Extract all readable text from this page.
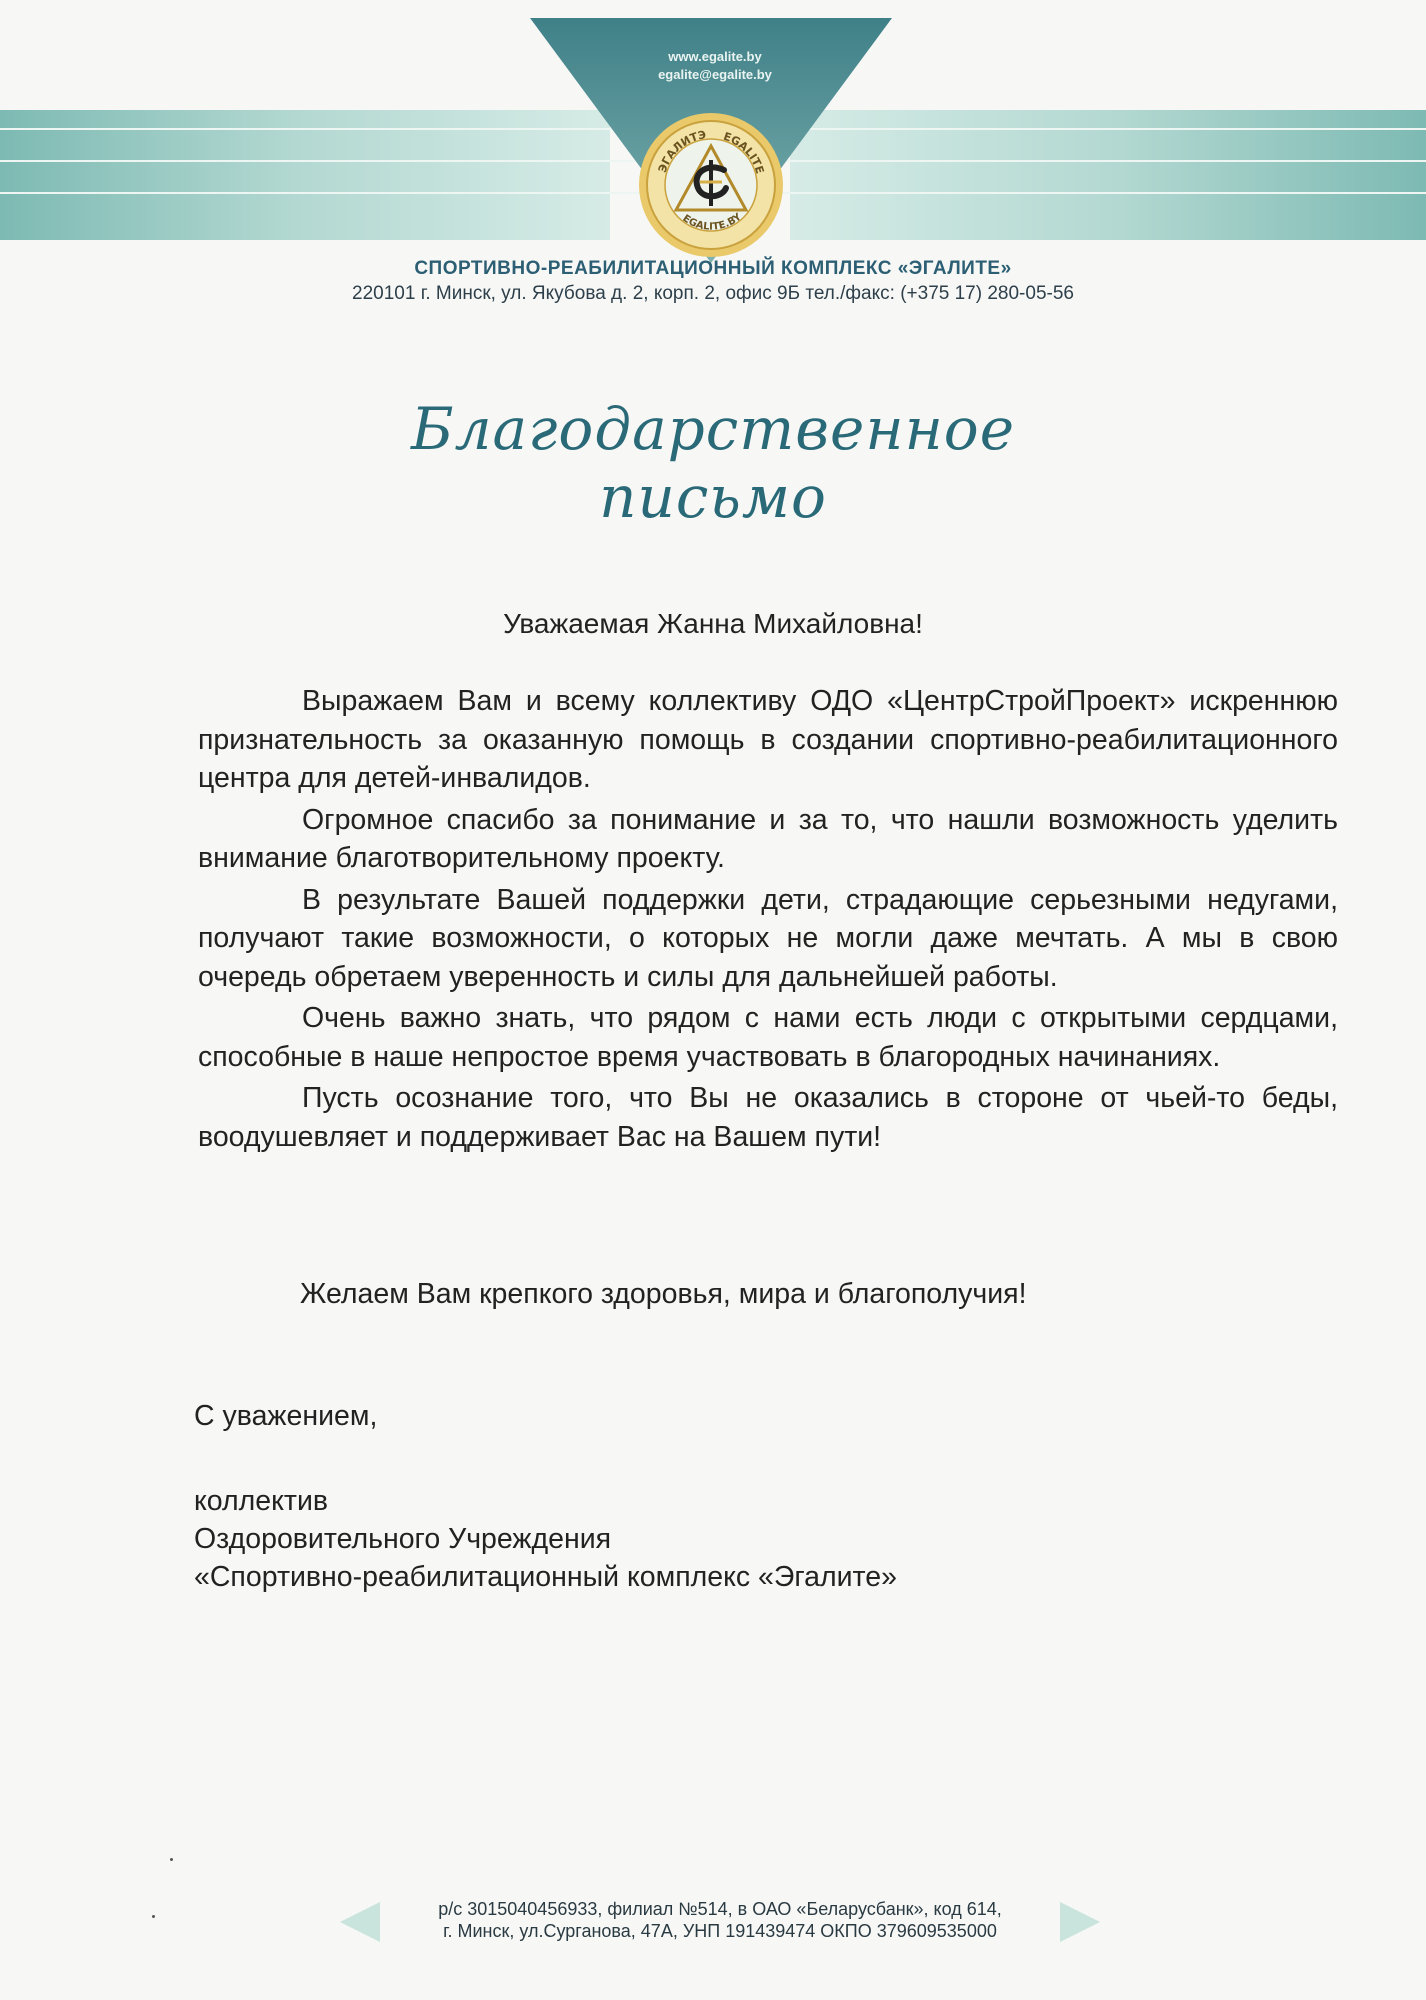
www.egalite.by
egalite@egalite.by
ЭГАЛИТЭ EGALITE
EGALITE.BY
СПОРТИВНО-РЕАБИЛИТАЦИОННЫЙ КОМПЛЕКС «ЭГАЛИТЕ»
220101 г. Минск, ул. Якубова д. 2, корп. 2, офис 9Б тел./факс: (+375 17) 280-05-56
Благодарственное письмо
Уважаемая Жанна Михайловна!

Выражаем Вам и всему коллективу ОДО «ЦентрСтройПроект» искреннюю признательность за оказанную помощь в создании спортивно-реабилитационного центра для детей-инвалидов.

Огромное спасибо за понимание и за то, что нашли возможность уделить внимание благотворительному проекту.

В результате Вашей поддержки дети, страдающие серьезными недугами, получают такие возможности, о которых не могли даже мечтать. А мы в свою очередь обретаем уверенность и силы для дальнейшей работы.

Очень важно знать, что рядом с нами есть люди с открытыми сердцами, способные в наше непростое время участвовать в благородных начинаниях.

Пусть осознание того, что Вы не оказались в стороне от чьей-то беды, воодушевляет и поддерживает Вас на Вашем пути!

Желаем Вам крепкого здоровья, мира и благополучия!
С уважением,
коллектив
Оздоровительного Учреждения
«Спортивно-реабилитационный комплекс «Эгалите»
р/с 3015040456933, филиал №514, в ОАО «Беларусбанк», код 614,
г. Минск, ул.Сурганова, 47А, УНП 191439474 ОКПО 379609535000
